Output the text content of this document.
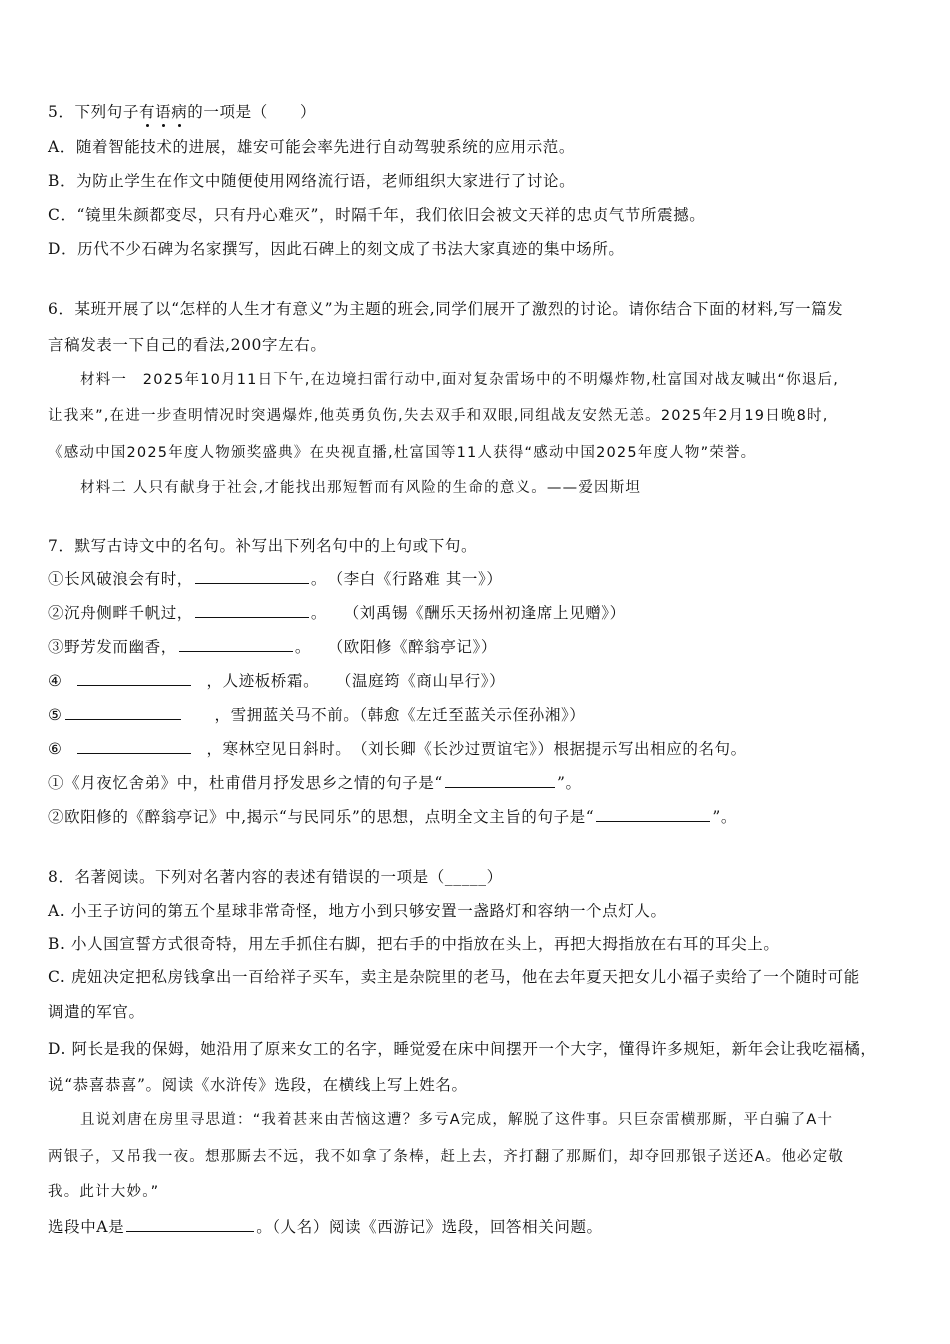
5．下列句子有语病的一项是（　　）
A．随着智能技术的进展，雄安可能会率先进行自动驾驶系统的应用示范。
B．为防止学生在作文中随便使用网络流行语，老师组织大家进行了讨论。
C．“镜里朱颜都变尽，只有丹心难灭”，时隔千年，我们依旧会被文天祥的忠贞气节所震撼。
D．历代不少石碑为名家撰写，因此石碑上的刻文成了书法大家真迹的集中场所。
6．某班开展了以“怎样的人生才有意义”为主题的班会,同学们展开了激烈的讨论。请你结合下面的材料,写一篇发
言稿发表一下自己的看法,200字左右。
材料一　2025年10月11日下午,在边境扫雷行动中,面对复杂雷场中的不明爆炸物,杜富国对战友喊出“你退后,
让我来”,在进一步查明情况时突遇爆炸,他英勇负伤,失去双手和双眼,同组战友安然无恙。2025年2月19日晚8时,
《感动中国2025年度人物颁奖盛典》在央视直播,杜富国等11人获得“感动中国2025年度人物”荣誉。
材料二 人只有献身于社会,才能找出那短暂而有风险的生命的意义。——爱因斯坦
7．默写古诗文中的名句。补写出下列名句中的上句或下句。
①长风破浪会有时，	。　（李白《行路难 其一》）
②沉舟侧畔千帆过，	。　　（刘禹锡《酬乐天扬州初逢席上见赠》）
③野芳发而幽香，	。　　（欧阳修《醉翁亭记》）
④	，人迹板桥霜。　　（温庭筠《商山早行》）
⑤	，雪拥蓝关马不前。（韩愈《左迁至蓝关示侄孙湘》）
⑥	，寒林空见日斜时。　（刘长卿《长沙过贾谊宅》）根据提示写出相应的名句。
①《月夜忆舍弟》中，杜甫借月抒发思乡之情的句子是“	”。
②欧阳修的《醉翁亭记》中,揭示“与民同乐”的思想，点明全文主旨的句子是“	”。
8．名著阅读。下列对名著内容的表述有错误的一项是（_____）
A. 小王子访问的第五个星球非常奇怪，地方小到只够安置一盏路灯和容纳一个点灯人。
B. 小人国宣誓方式很奇特，用左手抓住右脚，把右手的中指放在头上，再把大拇指放在右耳的耳尖上。
C. 虎妞决定把私房钱拿出一百给祥子买车，卖主是杂院里的老马，他在去年夏天把女儿小福子卖给了一个随时可能
调遣的军官。
D. 阿长是我的保姆，她沿用了原来女工的名字，睡觉爱在床中间摆开一个大字，懂得许多规矩，新年会让我吃福橘，
说“恭喜恭喜”。阅读《水浒传》选段，在横线上写上姓名。
且说刘唐在房里寻思道：“我着甚来由苦恼这遭？多亏A完成，解脱了这件事。只巨奈雷横那厮，平白骗了A十
两银子，又吊我一夜。想那厮去不远，我不如拿了条棒，赶上去，齐打翻了那厮们，却夺回那银子送还A。他必定敬
我。此计大妙。”
选段中A是	。（人名）阅读《西游记》选段，回答相关问题。
